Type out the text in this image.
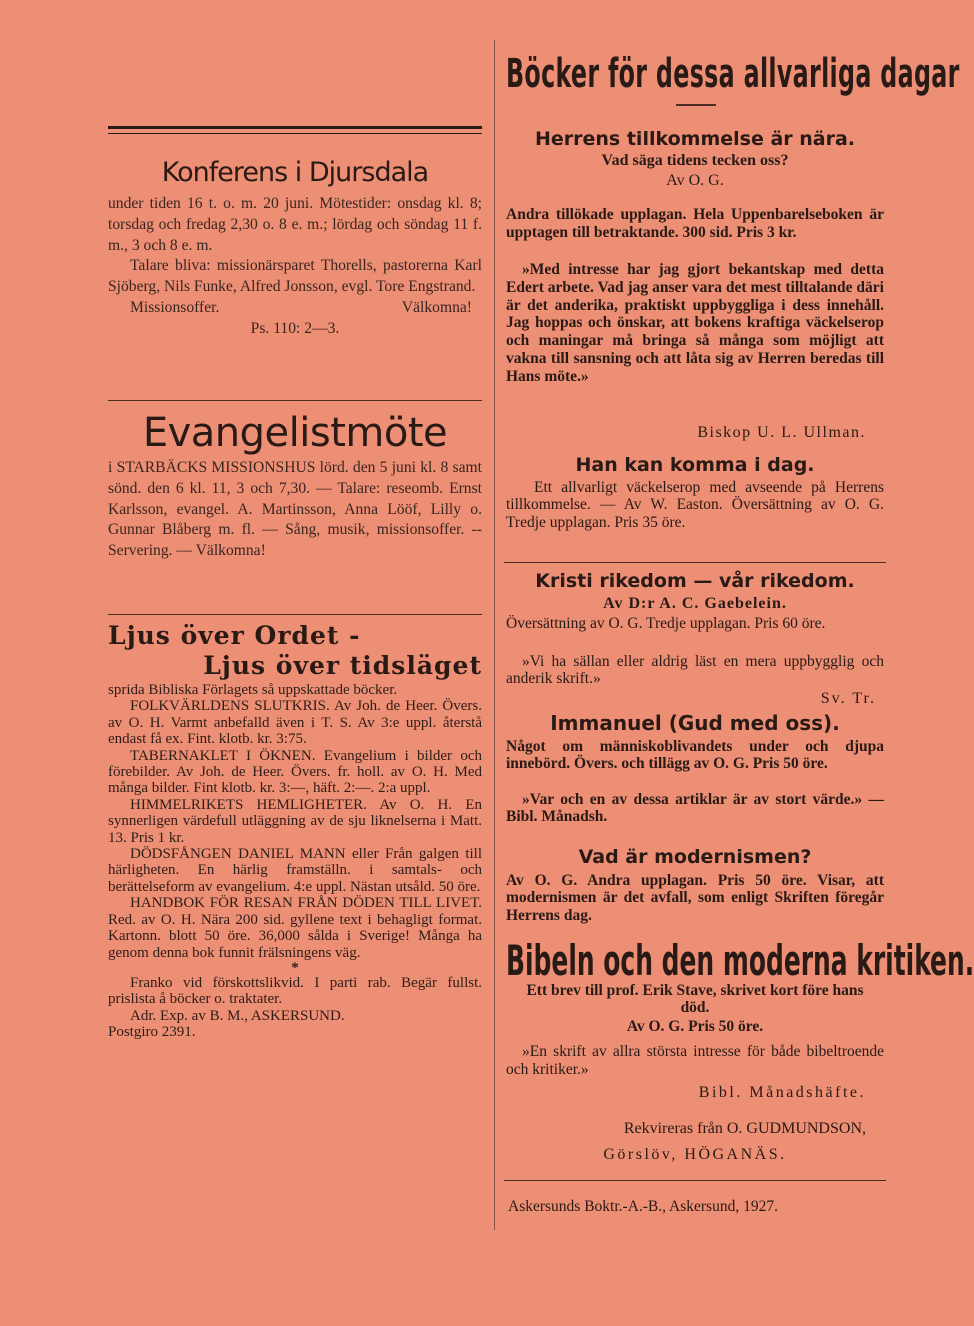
Konferens i Djursdala

under tiden 16 t. o. m. 20 juni. Mötestider: onsdag kl. 8; torsdag och fredag 2,30 o. 8 e. m.; lördag och söndag 11 f. m., 3 och 8 e. m.

Talare bliva: missionärsparet Thorells, pastorerna Karl Sjöberg, Nils Funke, Alfred Jonsson, evgl. Tore Engstrand.

Missionsoffer.	Välkomna!

Ps. 110: 2—3.

Evangelistmöte
i STARBÄCKS MISSIONSHUS lörd. den 5 juni kl. 8 samt sönd. den 6 kl. 11, 3 och 7,30. — Talare: reseomb. Ernst Karlsson, evangel. A. Martinsson, Anna Lööf, Lilly o. Gunnar Blåberg m. fl. — Sång, musik, missionsoffer. -- Servering. — Välkomna!
Ljus över Ordet -
Ljus över tidsläget

sprida Bibliska Förlagets så uppskattade böcker.

FOLKVÄRLDENS SLUTKRIS. Av Joh. de Heer. Övers. av O. H. Varmt anbefalld även i T. S. Av 3:e uppl. återstå endast få ex. Fint. klotb. kr. 3:75.

TABERNAKLET I ÖKNEN. Evangelium i bilder och förebilder. Av Joh. de Heer. Övers. fr. holl. av O. H. Med många bilder. Fint klotb. kr. 3:—, häft. 2:—. 2:a uppl.

HIMMELRIKETS HEMLIGHETER. Av O. H. En synnerligen värdefull utläggning av de sju liknelserna i Matt. 13. Pris 1 kr.

DÖDSFÅNGEN DANIEL MANN eller Från galgen till härligheten. En härlig framställn. i samtals- och berättelseform av evangelium. 4:e uppl. Nästan utsåld. 50 öre.

HANDBOK FÖR RESAN FRÅN DÖDEN TILL LIVET. Red. av O. H. Nära 200 sid. gyllene text i behagligt format. Kartonn. blott 50 öre. 36,000 sålda i Sverige! Många ha genom denna bok funnit frälsningens väg.

*

Franko vid förskottslikvid. I parti rab. Begär fullst. prislista å böcker o. traktater.

Adr. Exp. av B. M., ASKERSUND.

Postgiro 2391.

Böcker för dessa allvarliga dagar
Herrens tillkommelse är nära.
Vad säga tidens tecken oss?
Av O. G.
Andra tillökade upplagan. Hela Uppenbarelseboken är upptagen till betraktande. 300 sid. Pris 3 kr.
»Med intresse har jag gjort bekantskap med detta Edert arbete. Vad jag anser vara det mest tilltalande däri är det anderika, praktiskt uppbyggliga i dess innehåll. Jag hoppas och önskar, att bokens kraftiga väckelserop och maningar må bringa så många som möjligt att vakna till sansning och att låta sig av Herren beredas till Hans möte.»
Biskop U. L. Ullman.
Han kan komma i dag.
Ett allvarligt väckelserop med avseende på Herrens tillkommelse. — Av W. Easton. Översättning av O. G. Tredje upplagan. Pris 35 öre.
Kristi rikedom — vår rikedom.
Av D:r A. C. Gaebelein.
Översättning av O. G. Tredje upplagan. Pris 60 öre.
»Vi ha sällan eller aldrig läst en mera uppbygglig och anderik skrift.»
Sv. Tr.
Immanuel (Gud med oss).
Något om människoblivandets under och djupa innebörd. Övers. och tillägg av O. G. Pris 50 öre.
»Var och en av dessa artiklar är av stort värde.» — Bibl. Månadsh.
Vad är modernismen?
Av O. G. Andra upplagan. Pris 50 öre. Visar, att modernismen är det avfall, som enligt Skriften föregår Herrens dag.
Bibeln och den moderna kritiken.
Ett brev till prof. Erik Stave, skrivet kort före hans död.
Av O. G. Pris 50 öre.
»En skrift av allra största intresse för både bibeltroende och kritiker.»
Bibl. Månadshäfte.
Rekvireras från O. GUDMUNDSON,
Görslöv, HÖGANÄS.
Askersunds Boktr.-A.-B., Askersund, 1927.
